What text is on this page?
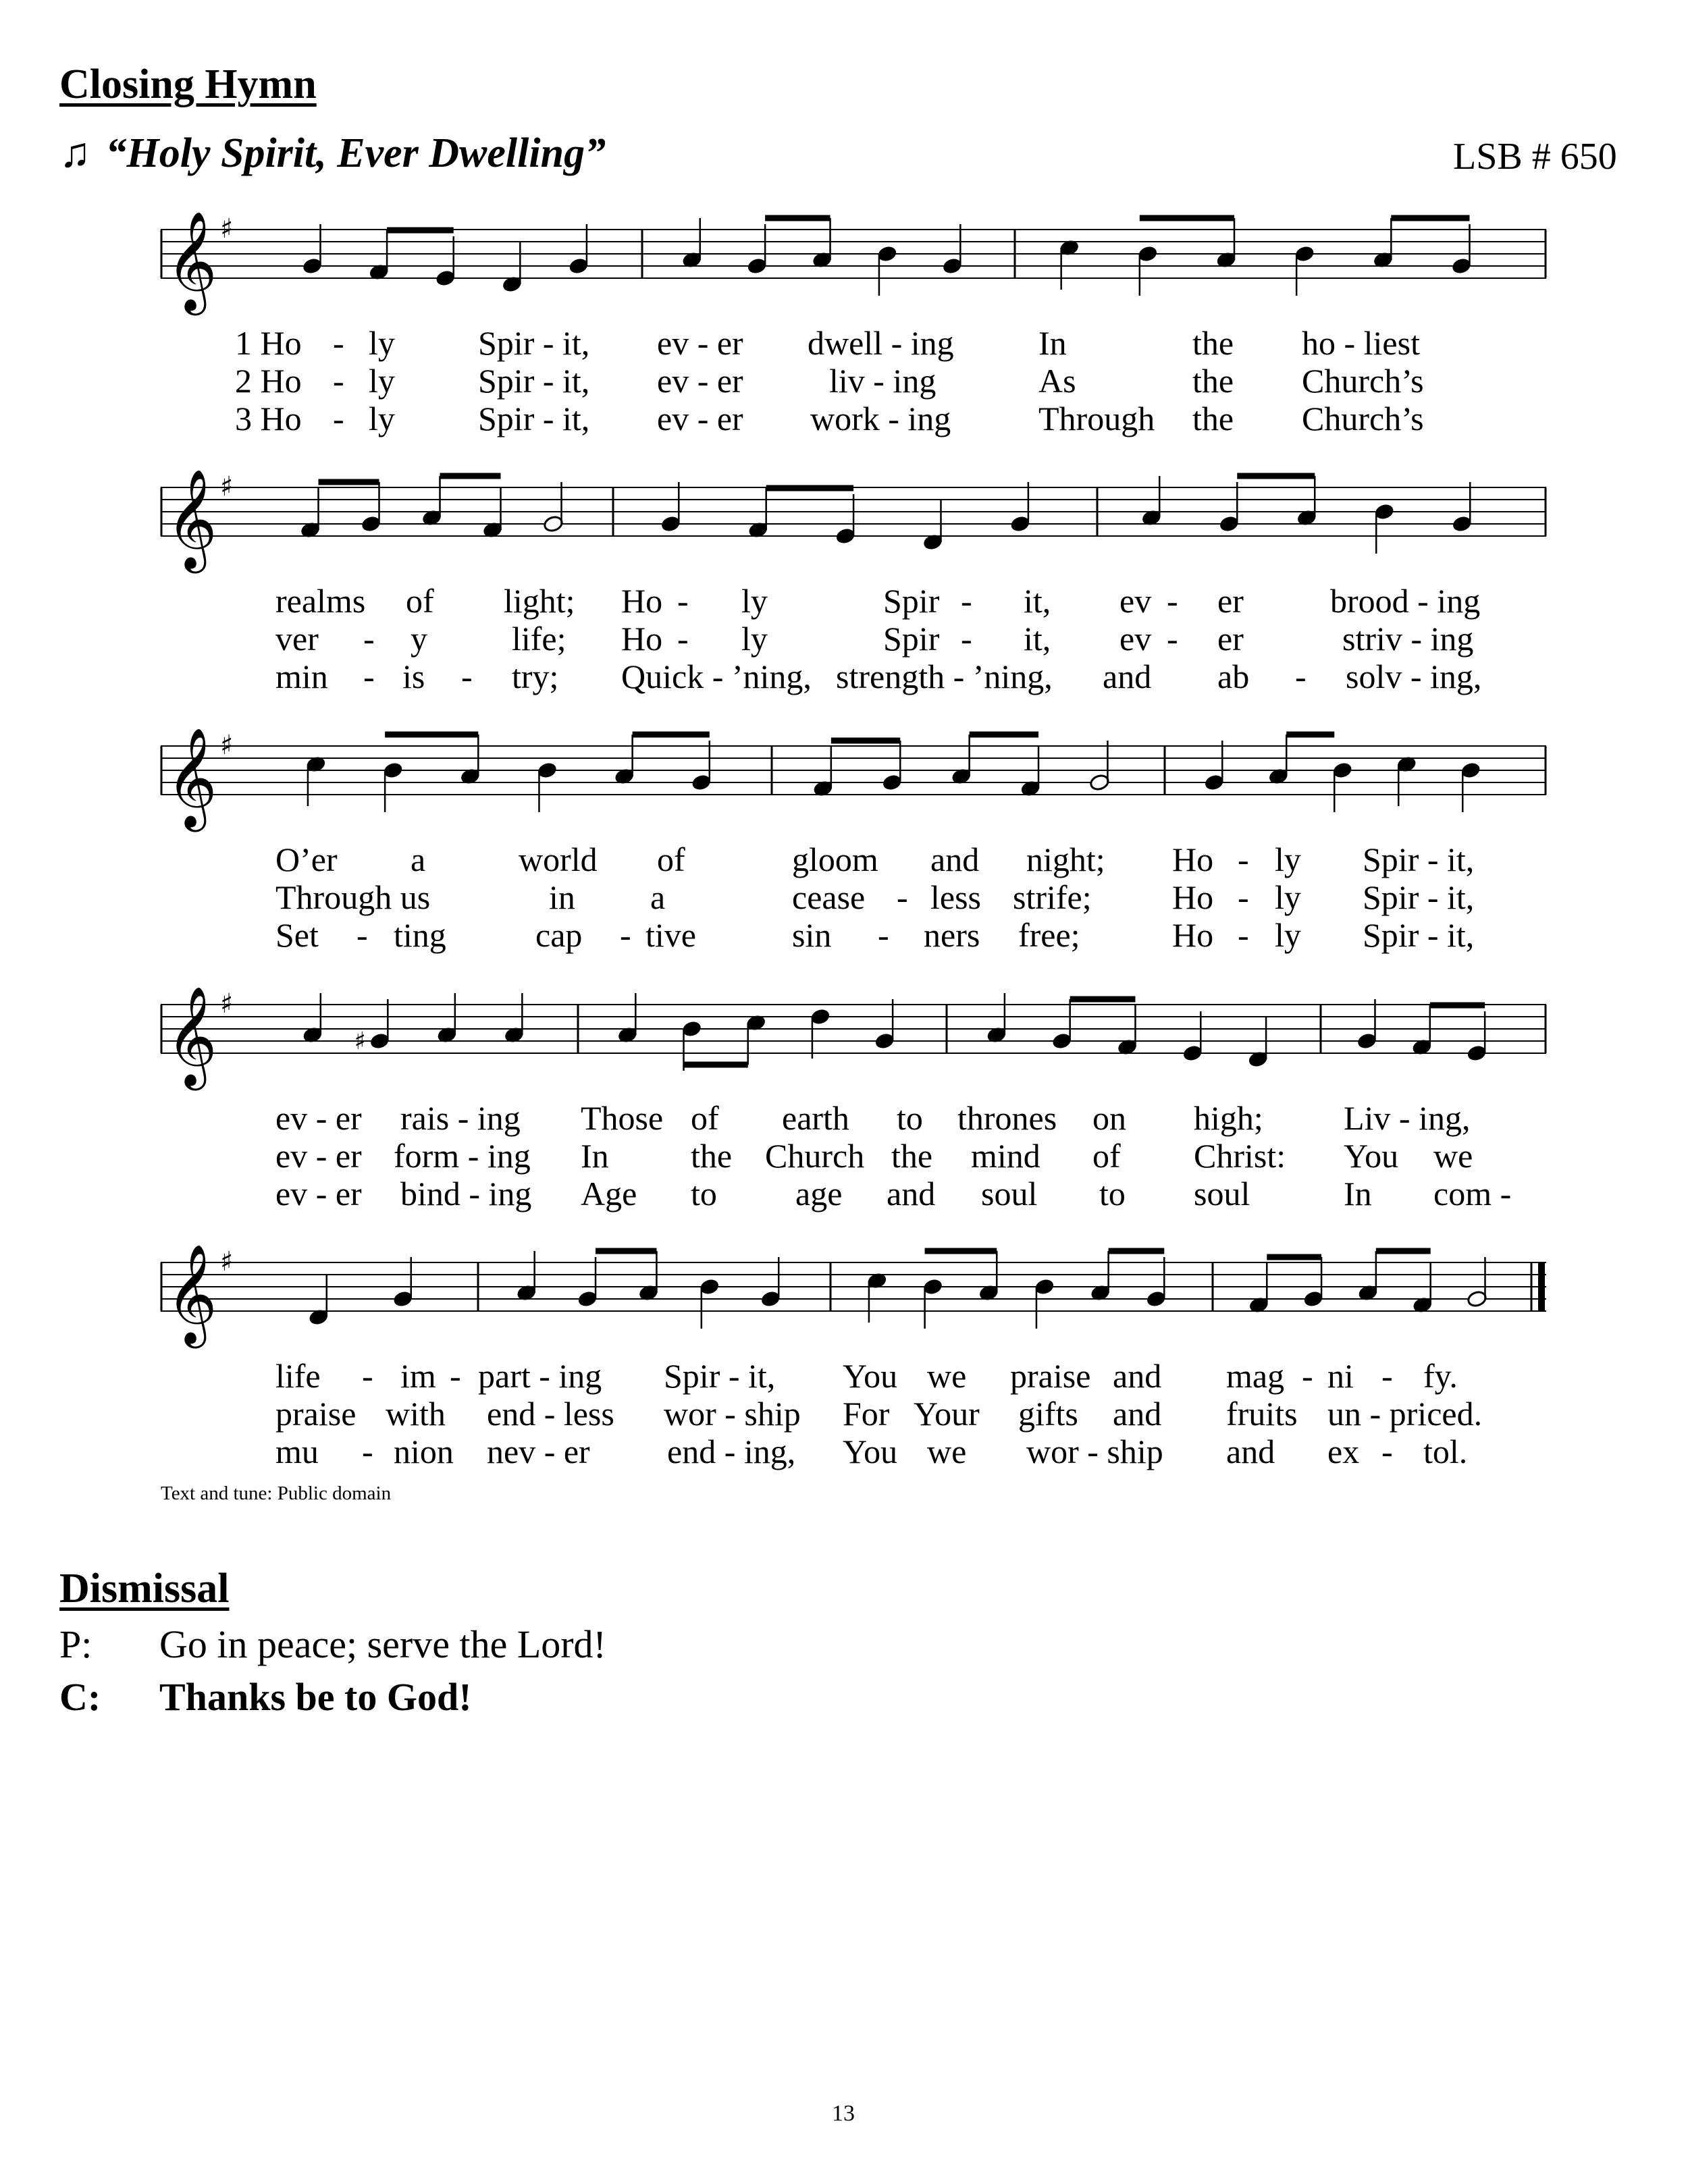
Closing Hymn
♫ “Holy Spirit, Ever Dwelling”	LSB # 650
𝄞 ♯
1 Ho - ly Spir - it, ev - er dwell - ing	In	the ho - liest
2 Ho - ly Spir - it, ev - er	liv - ing	As	the Church’s
3 Ho - ly Spir - it, ev - er work - ing	Through the Church’s
𝄞 ♯
realms of light; Ho - ly	Spir - it, ev - er	brood - ing
ver - y	life; Ho - ly	Spir - it, ev - er	striv - ing
min - is - try; Quick - ’ning, strength - ’ning, and ab - solv - ing,
𝄞 ♯
O’er a	world of	gloom and night; Ho - ly Spir - it,
Through us	in a	cease - less strife; Ho - ly Spir - it,
Set - ting	cap - tive	sin - ners free;	Ho - ly Spir - it,
𝄞 ♯
♯
ev - er rais - ing Those of earth to thrones on high; Liv - ing,
ev - er form - ing In the Church the mind of Christ: You we
ev - er bind - ing Age to age and soul to soul	In com -
𝄞 ♯
life - im - part - ing Spir - it, You we praise and mag - ni - fy.
praise with end - less wor - ship For Your gifts and fruits un - priced.
mu - nion nev - er end - ing, You we wor - ship and ex - tol.
Text and tune: Public domain
Dismissal
P: Go in peace; serve the Lord!
C: Thanks be to God!
13
